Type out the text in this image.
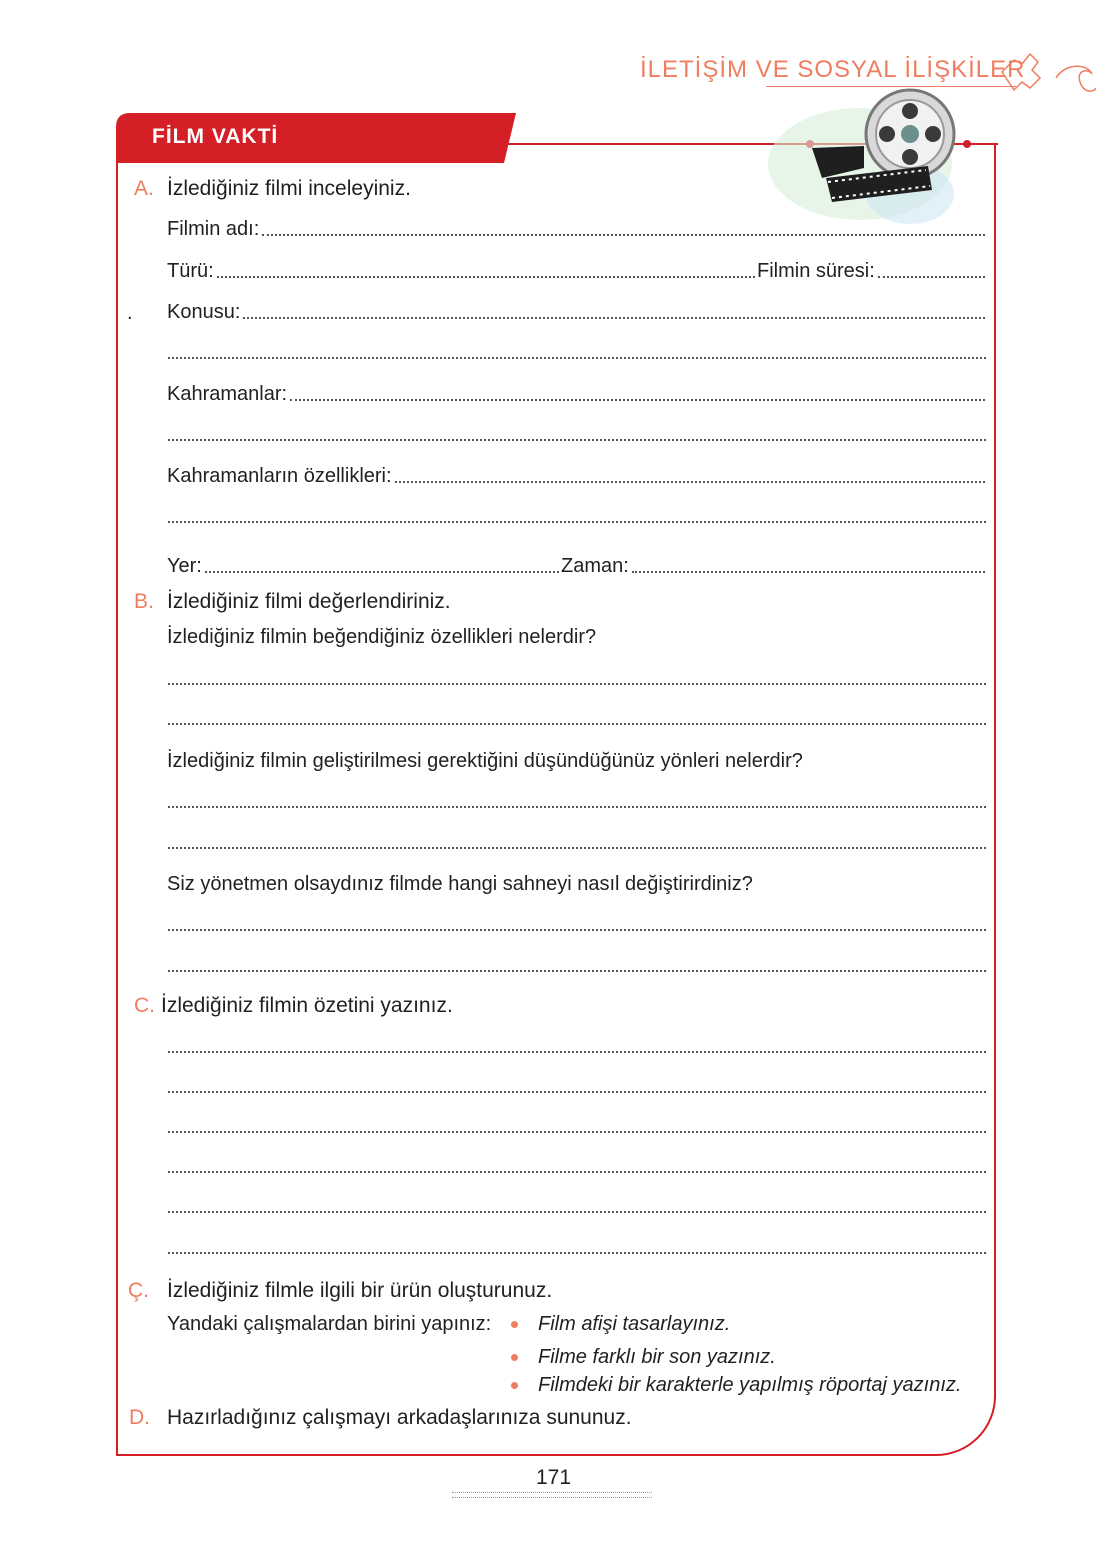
İLETİŞİM VE SOSYAL İLİŞKİLER
FİLM VAKTİ
A. İzlediğiniz filmi inceleyiniz.
Filmin adı:
Türü:	Filmin süresi:
. Konusu:
Kahramanlar:
Kahramanların özellikleri:
Yer:	Zaman:
B. İzlediğiniz filmi değerlendiriniz.
İzlediğiniz filmin beğendiğiniz özellikleri nelerdir?
İzlediğiniz filmin geliştirilmesi gerektiğini düşündüğünüz yönleri nelerdir?
Siz yönetmen olsaydınız filmde hangi sahneyi nasıl değiştirirdiniz?
C. İzlediğiniz filmin özetini yazınız.
Ç. İzlediğiniz filmle ilgili bir ürün oluşturunuz.
Yandaki çalışmalardan birini yapınız: Film afişi tasarlayınız.
Filme farklı bir son yazınız.
Filmdeki bir karakterle yapılmış röportaj yazınız.
D. Hazırladığınız çalışmayı arkadaşlarınıza sununuz.
171
